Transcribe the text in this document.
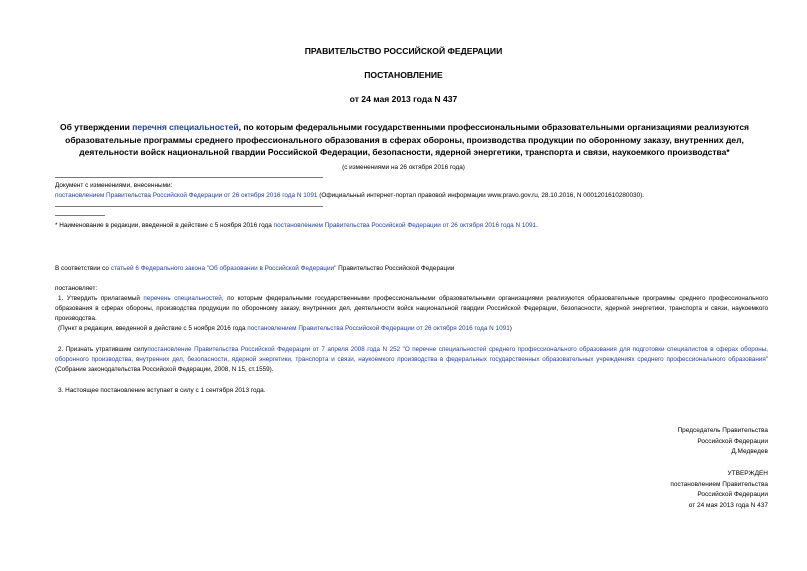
ПРАВИТЕЛЬСТВО РОССИЙСКОЙ ФЕДЕРАЦИИ
ПОСТАНОВЛЕНИЕ
от 24 мая 2013 года N 437
Об утверждении перечня специальностей, по которым федеральными государственными профессиональными образовательными организациями реализуются
образовательные программы среднего профессионального образования в сферах обороны, производства продукции по оборонному заказу, внутренних дел,
деятельности войск национальной гвардии Российской Федерации, безопасности, ядерной энергетики, транспорта и связи, наукоемкого производства*
(с изменениями на 26 октября 2016 года)
Документ с изменениями, внесенными:
постановлением Правительства Российской Федерации от 26 октября 2016 года N 1091 (Официальный интернет-портал правовой информации www.pravo.gov.ru, 28.10.2016, N 0001201610280030).
* Наименование в редакции, введенной в действие с 5 ноября 2016 года постановлением Правительства Российской Федерации от 26 октября 2016 года N 1091.
В соответствии со статьей 6 Федерального закона "Об образовании в Российской Федерации" Правительство Российской Федерации
постановляет:
1. Утвердить прилагаемый перечень специальностей, по которым федеральными государственными профессиональными образовательными организациями реализуются образовательные программы среднего профессионального образования в сферах обороны, производства продукции по оборонному заказу, внутренних дел, деятельности войск национальной гвардии Российской Федерации, безопасности, ядерной энергетики, транспорта и связи, наукоемкого производства.
(Пункт в редакции, введенной в действие с 5 ноября 2016 года постановлением Правительства Российской Федерации от 26 октября 2016 года N 1091)
2. Признать утратившим силупостановление Правительства Российской Федерации от 7 апреля 2008 года N 252 "О перечне специальностей среднего профессионального образования для подготовки специалистов в сферах обороны, оборонного производства, внутренних дел, безопасности, ядерной энергетики, транспорта и связи, наукоемкого производства в федеральных государственных образовательных учреждениях среднего профессионального образования" (Собрание законодательства Российской Федерации, 2008, N 15, ст.1559).
3. Настоящее постановление вступает в силу с 1 сентября 2013 года.
Председатель Правительства
Российской Федерации
Д.Медведев
УТВЕРЖДЕН
постановлением Правительства
Российской Федерации
от 24 мая 2013 года N 437
